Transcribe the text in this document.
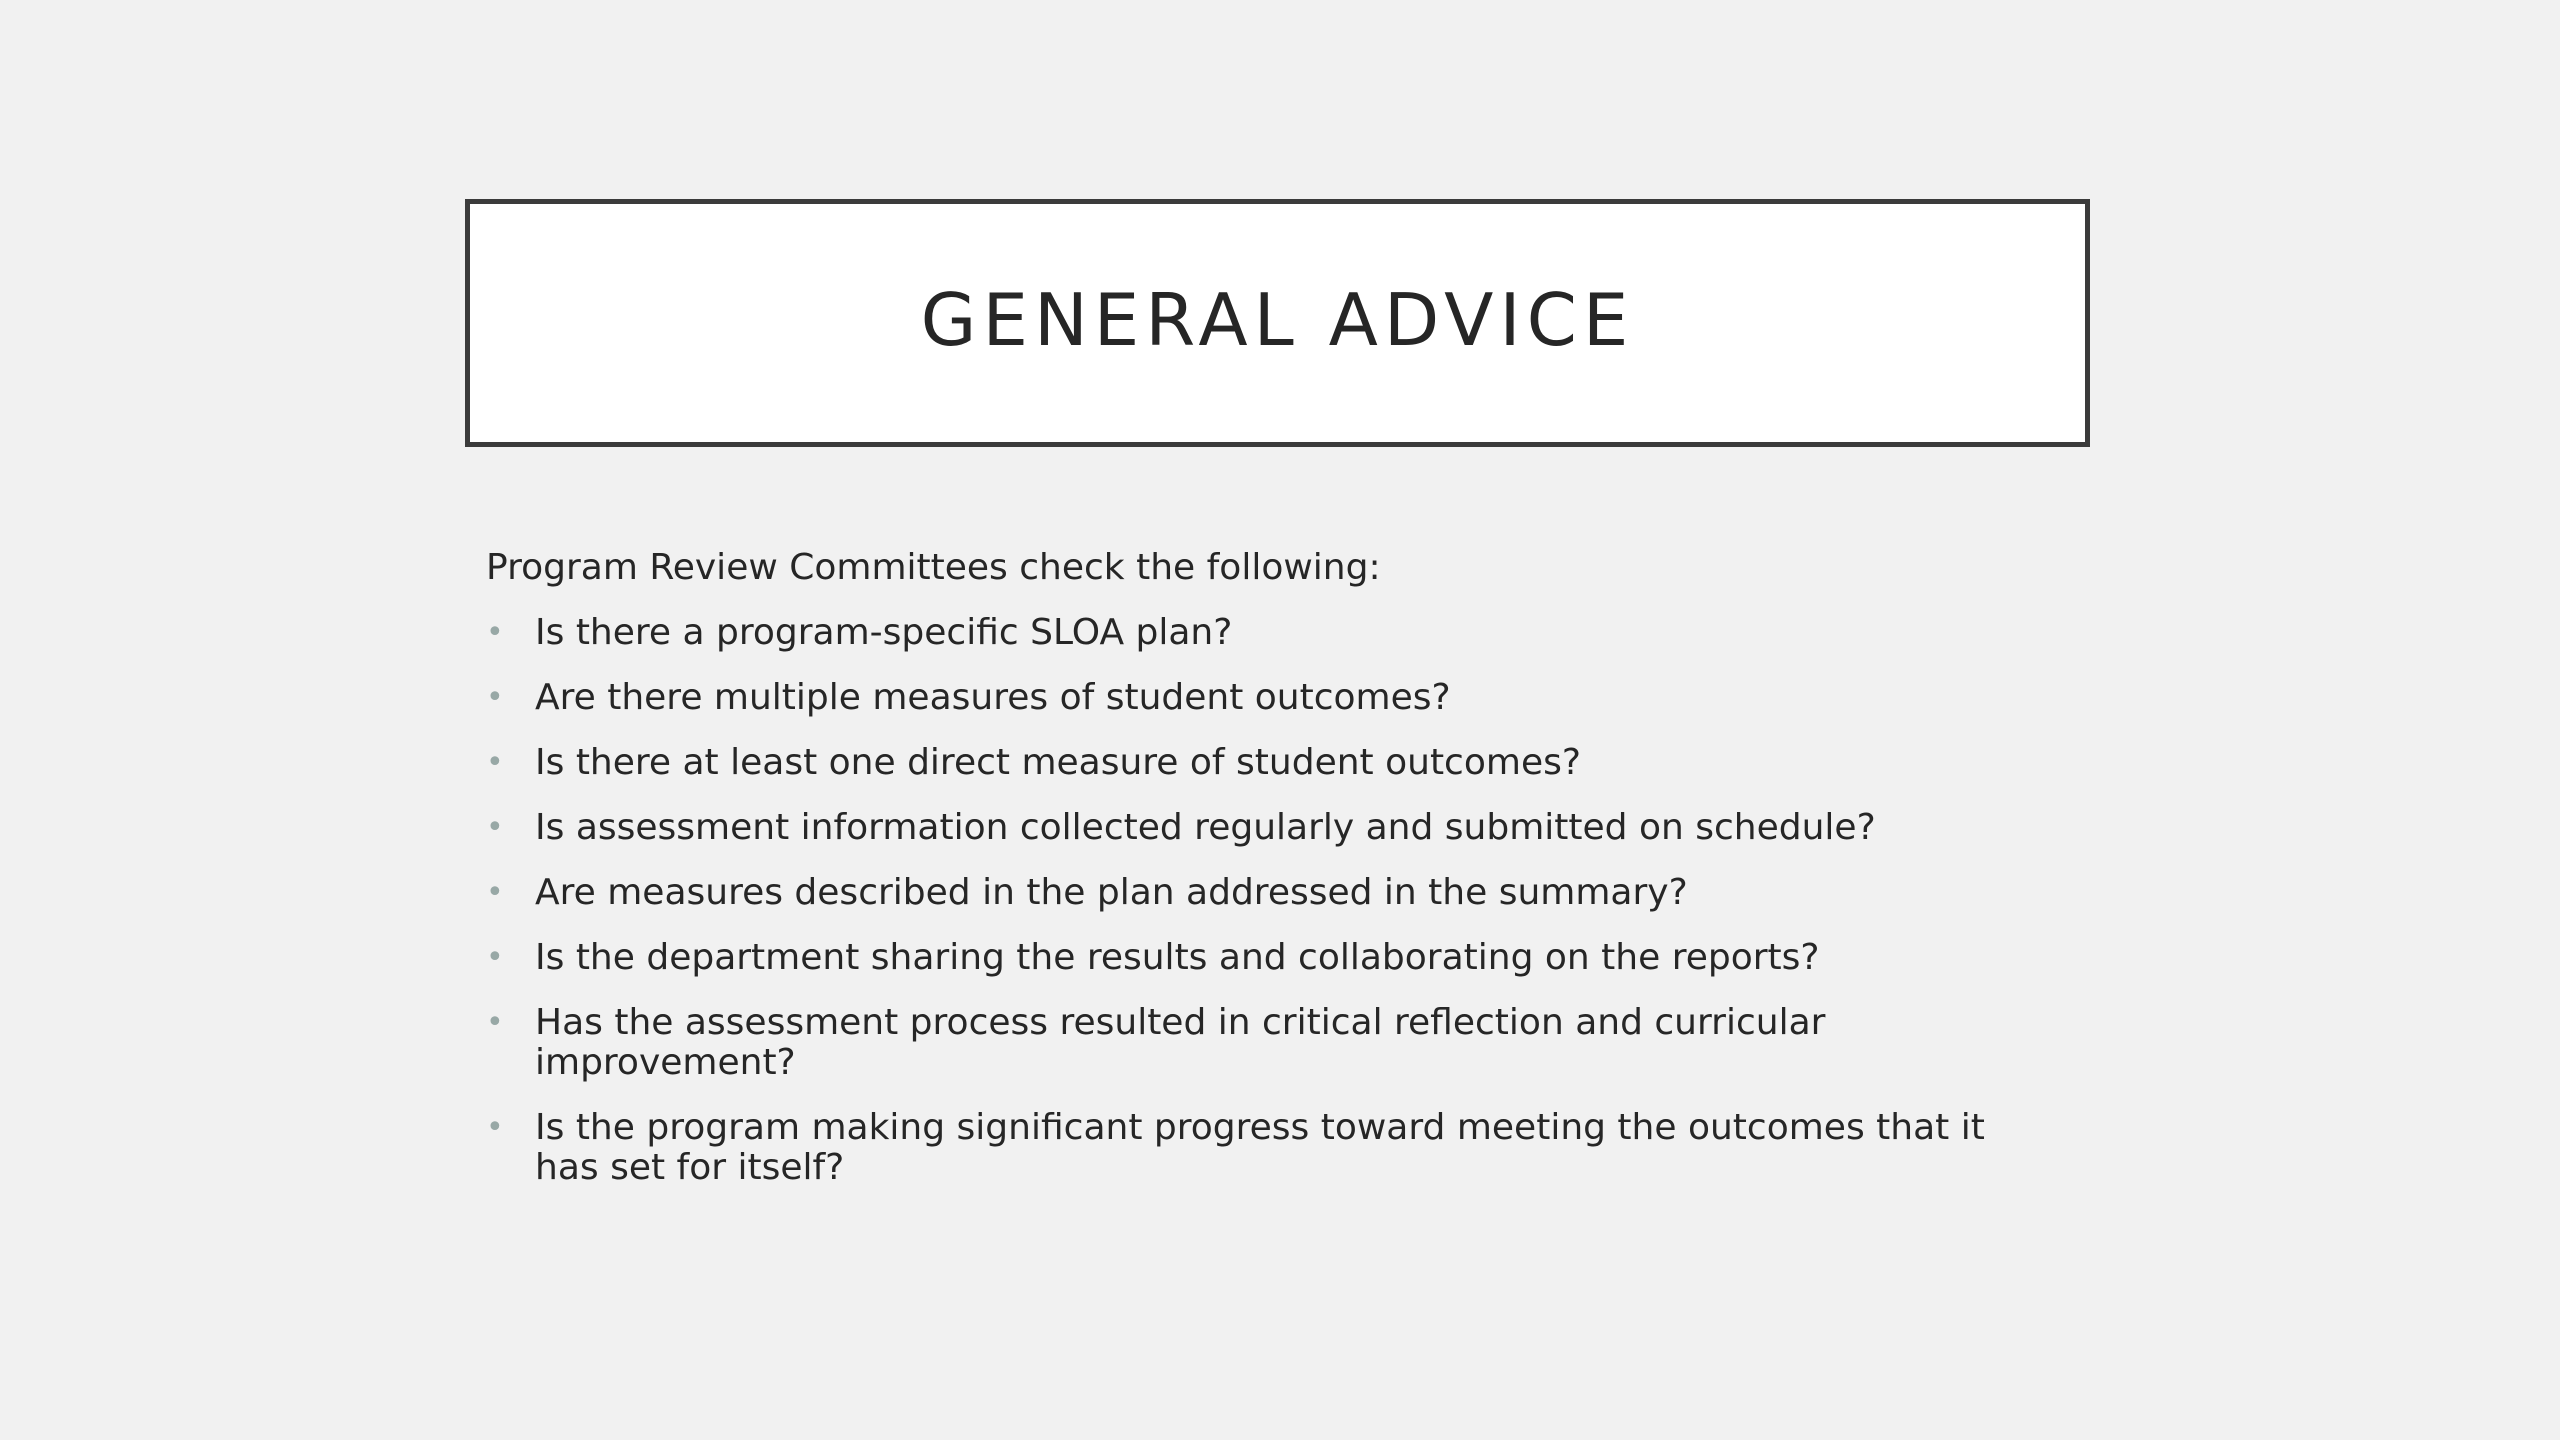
GENERAL ADVICE

Program Review Committees check the following:

• Is there a program-specific SLOA plan?
• Are there multiple measures of student outcomes?
• Is there at least one direct measure of student outcomes?
• Is assessment information collected regularly and submitted on schedule?
• Are measures described in the plan addressed in the summary?
• Is the department sharing the results and collaborating on the reports?
• Has the assessment process resulted in critical reflection and curricular improvement?
• Is the program making significant progress toward meeting the outcomes that it has set for itself?
